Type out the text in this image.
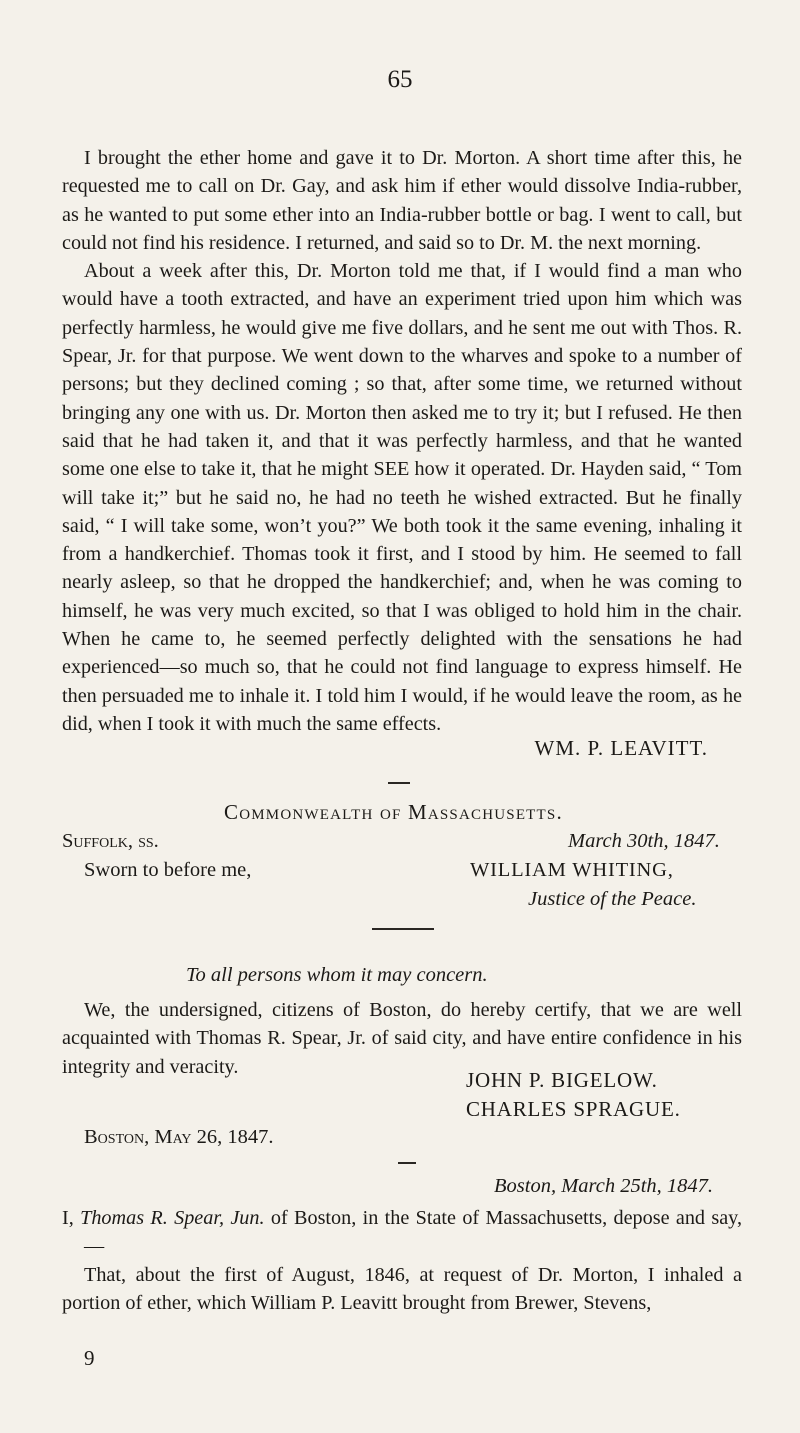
65

I brought the ether home and gave it to Dr. Morton. A short time after this, he requested me to call on Dr. Gay, and ask him if ether would dissolve India-rubber, as he wanted to put some ether into an India-rubber bottle or bag. I went to call, but could not find his residence. I returned, and said so to Dr. M. the next morning.

About a week after this, Dr. Morton told me that, if I would find a man who would have a tooth extracted, and have an experiment tried upon him which was perfectly harmless, he would give me five dollars, and he sent me out with Thos. R. Spear, Jr. for that purpose. We went down to the wharves and spoke to a number of persons; but they declined coming ; so that, after some time, we returned without bringing any one with us. Dr. Morton then asked me to try it; but I refused. He then said that he had taken it, and that it was perfectly harmless, and that he wanted some one else to take it, that he might SEE how it operated. Dr. Hayden said, “ Tom will take it;” but he said no, he had no teeth he wished extracted. But he finally said, “ I will take some, won’t you?” We both took it the same evening, inhaling it from a handkerchief. Thomas took it first, and I stood by him. He seemed to fall nearly asleep, so that he dropped the handkerchief; and, when he was coming to himself, he was very much excited, so that I was obliged to hold him in the chair. When he came to, he seemed perfectly delighted with the sensations he had experienced—so much so, that he could not find language to express himself. He then persuaded me to inhale it. I told him I would, if he would leave the room, as he did, when I took it with much the same effects.

WM. P. LEAVITT.
Commonwealth of Massachusetts.
Suffolk, ss.	March 30th, 1847.
Sworn to before me,	WILLIAM WHITING,
Justice of the Peace.
To all persons whom it may concern.

We, the undersigned, citizens of Boston, do hereby certify, that we are well acquainted with Thomas R. Spear, Jr. of said city, and have entire confidence in his integrity and veracity.

JOHN P. BIGELOW.
CHARLES SPRAGUE.
Boston, May 26, 1847.
Boston, March 25th, 1847.

I, Thomas R. Spear, Jun. of Boston, in the State of Massachusetts, depose and say,—

That, about the first of August, 1846, at request of Dr. Morton, I inhaled a portion of ether, which William P. Leavitt brought from Brewer, Stevens,

9
